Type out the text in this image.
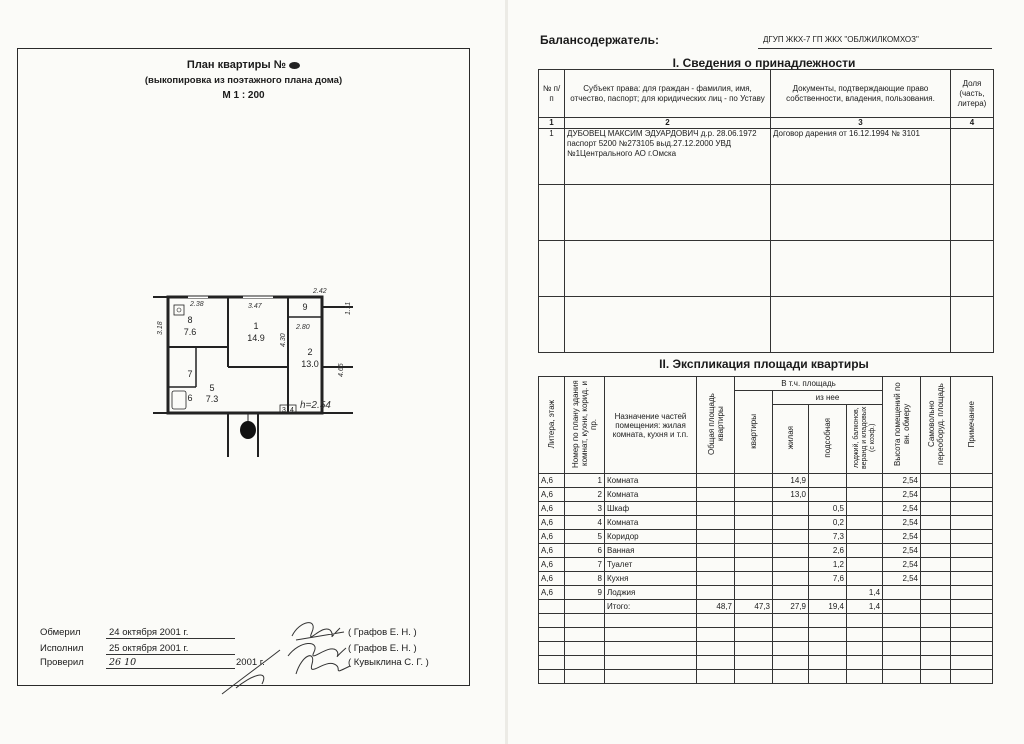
План квартиры №
(выкопировка из поэтажного плана дома)
М 1 : 200
8
7.6
1
14.9
2
13.0
9
5
7.3
6
7
3 4
2.42
2.38	3.47	1.11
3.18
4.30
2.80
4.65
h=2.54
Обмерил	24 октября 2001 г.	( Графов Е. Н. )
Исполнил	25 октября 2001 г.	( Графов Е. Н. )
Проверил	26 10	2001 г.	( Кувыклина С. Г. )
Балансодержатель:	ДГУП ЖКХ-7 ГП ЖКХ "ОБЛЖИЛКОМХОЗ"
I. Сведения о принадлежности
№ п/п	Субъект права: для граждан - фамилия, имя, отчество, паспорт; для юридических лиц - по Уставу	Документы, подтверждающие право собственности, владения, пользования.	Доля (часть, литера)
1	2	3	4
1	ДУБОВЕЦ МАКСИМ ЭДУАРДОВИЧ д.р. 28.06.1972 паспорт 5200 №273105 выд.27.12.2000 УВД №1Центрального АО г.Омска	Договор дарения от 16.12.1994 № 3101	

II. Экспликация площади квартиры
Литера, этаж	Номер по плану здания комнат, кухни, корид. и пр.	Назначение частей помещения: жилая комната, кухня и т.п.	Общая площадь квартиры	В т.ч. площадь				Высота помещений по вн. обмеру	Самовольно переоборуд. площадь	Примечание
				квартиры	из нее					
					жилая	подсобная	лоджий, балконов, веранд и кладовых (с коэф.)			
А,6	1	Комната			14,9			2,54		
А,6	2	Комната			13,0			2,54		
А,6	3	Шкаф				0,5		2,54		
А,6	4	Комната				0,2		2,54		
А,6	5	Коридор				7,3		2,54		
А,6	6	Ванная				2,6		2,54		
А,6	7	Туалет				1,2		2,54		
А,6	8	Кухня				7,6		2,54		
А,6	9	Лоджия					1,4			
		Итого:	48,7	47,3	27,9	19,4	1,4			
